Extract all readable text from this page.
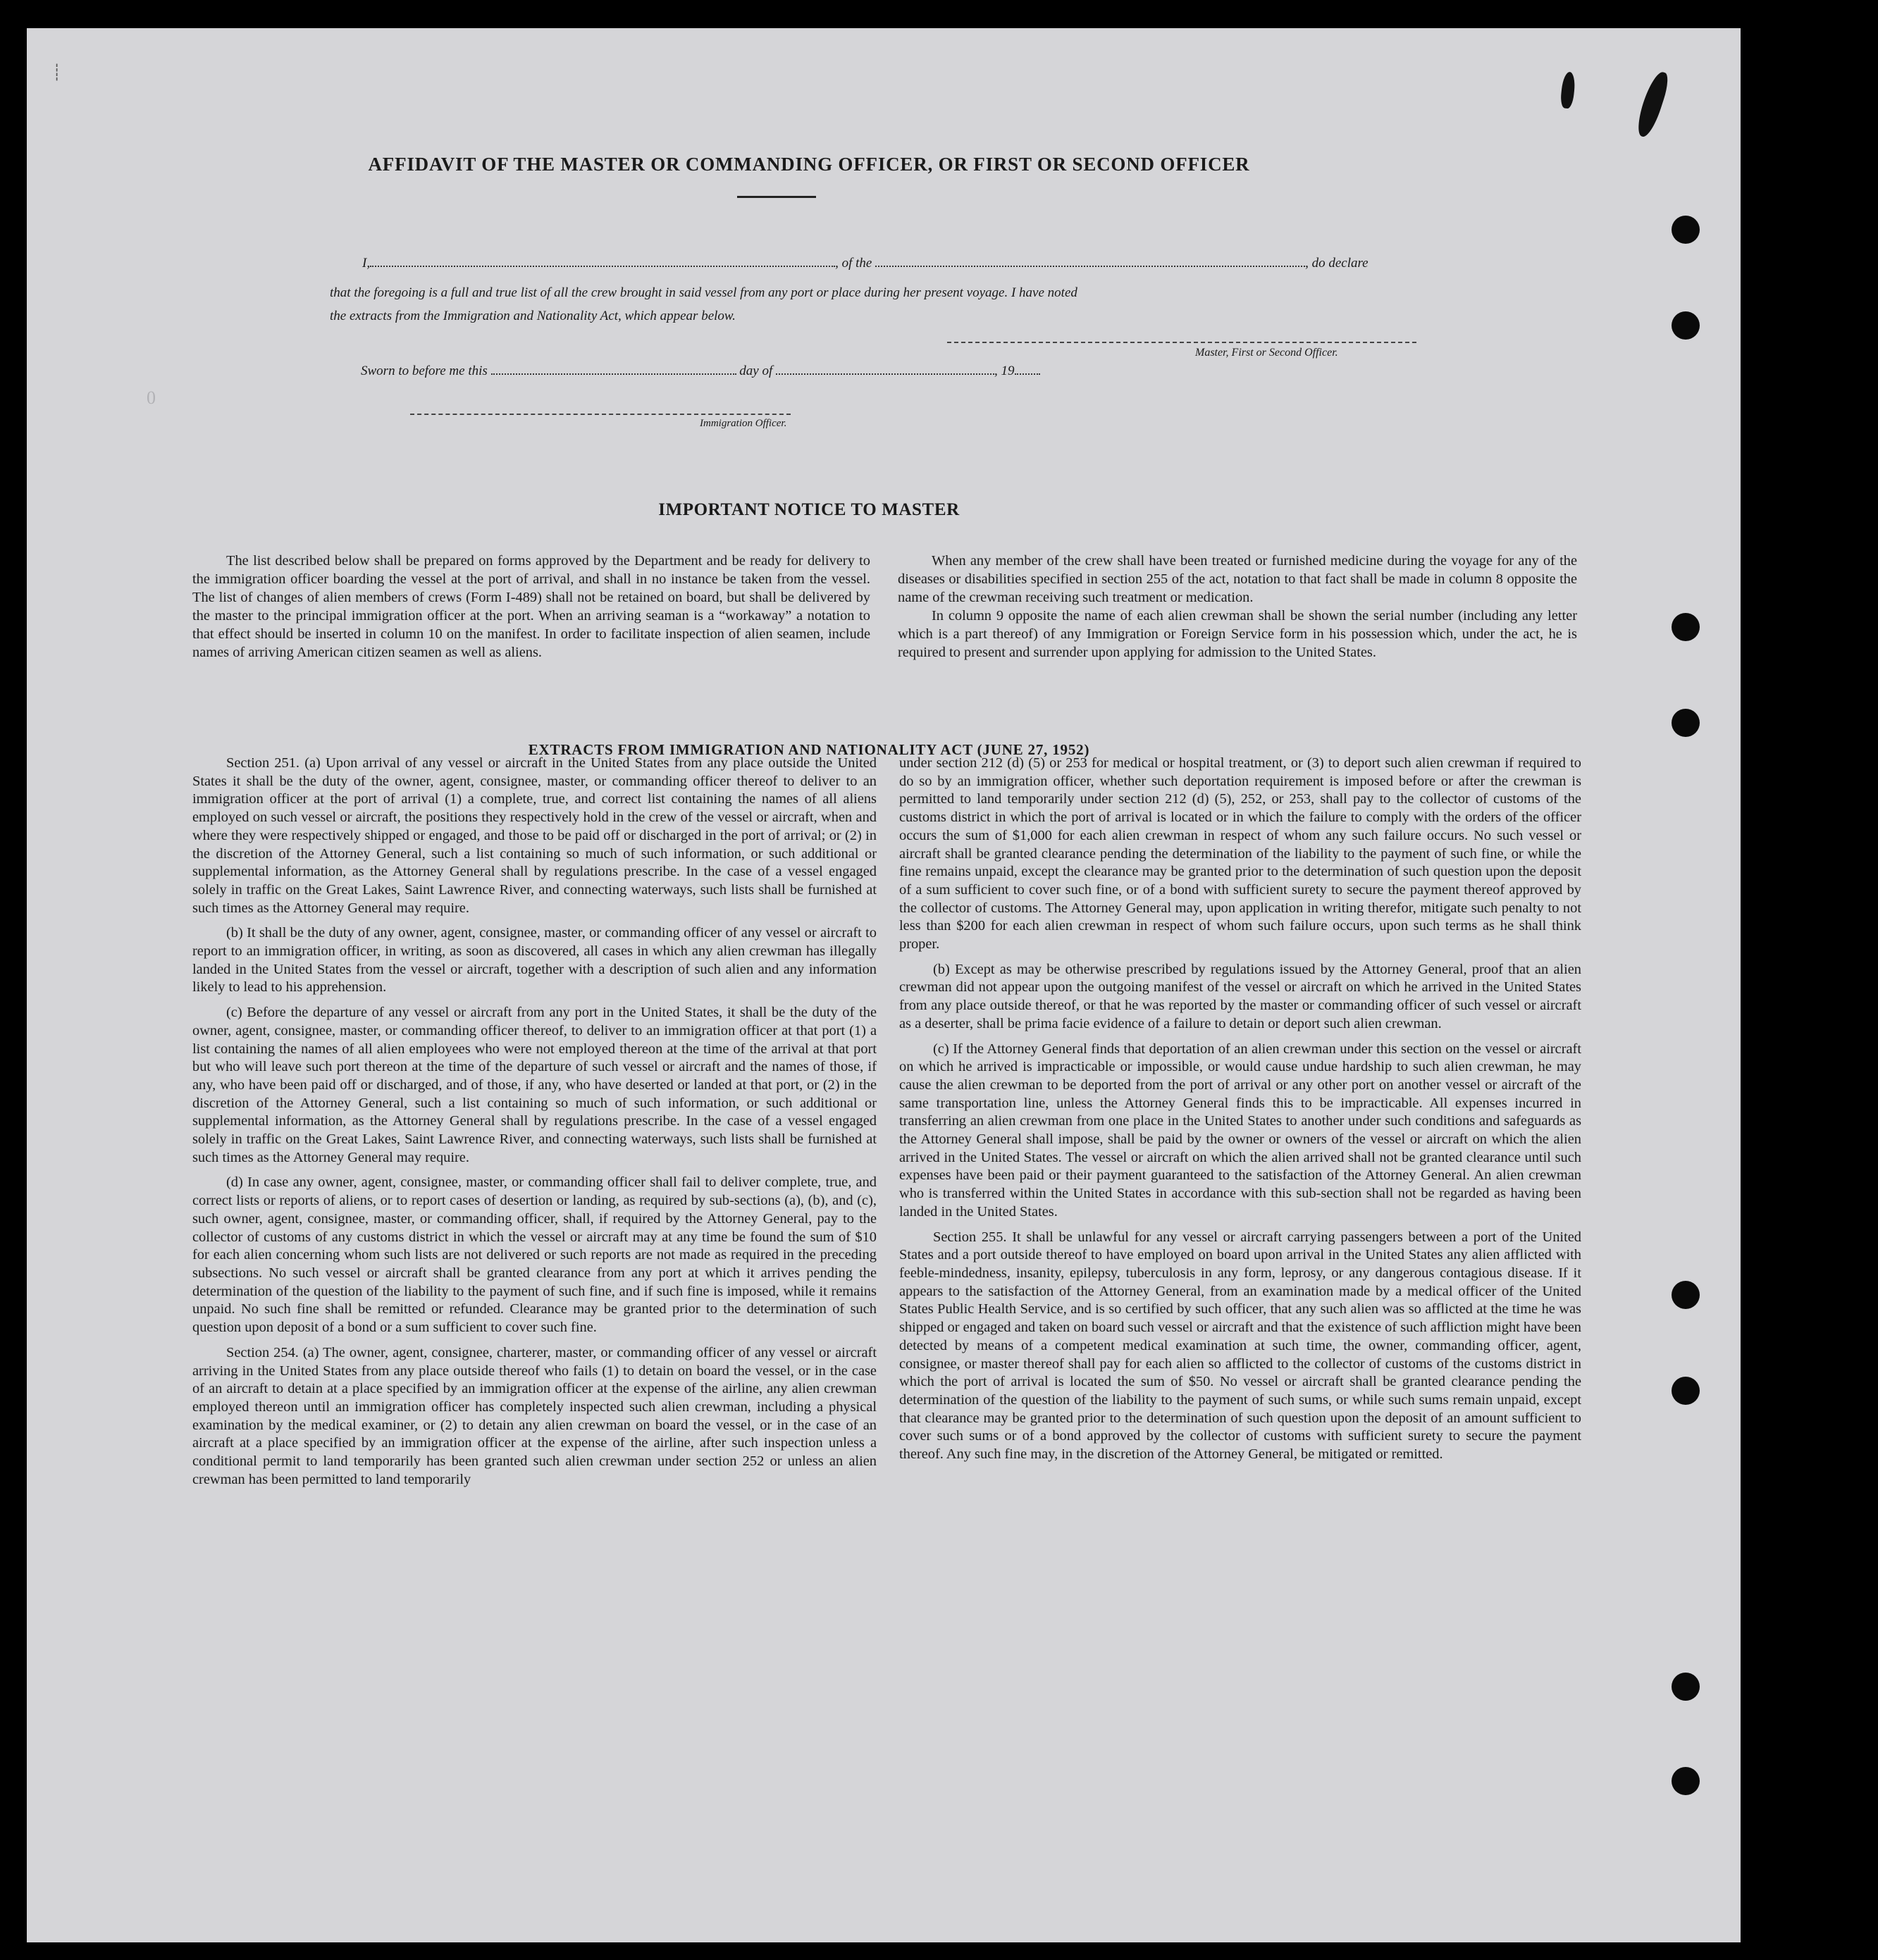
┊
0
AFFIDAVIT OF THE MASTER OR COMMANDING OFFICER, OR FIRST OR SECOND OFFICER
I,	, of the	, do declare
that the foregoing is a full and true list of all the crew brought in said vessel from any port or place during her present voyage. I have noted
the extracts from the Immigration and Nationality Act, which appear below.
Master, First or Second Officer.
Sworn to before me this	day of	, 19
Immigration Officer.
IMPORTANT NOTICE TO MASTER

The list described below shall be prepared on forms approved by the Department and be ready for delivery to the immigration officer boarding the vessel at the port of arrival, and shall in no instance be taken from the vessel. The list of changes of alien members of crews (Form I-489) shall not be retained on board, but shall be delivered by the master to the principal immigration officer at the port. When an arriving seaman is a “workaway” a notation to that effect should be inserted in column 10 on the manifest. In order to facilitate inspection of alien seamen, include names of arriving American citizen seamen as well as aliens.

When any member of the crew shall have been treated or furnished medicine during the voyage for any of the diseases or disabilities specified in section 255 of the act, notation to that fact shall be made in column 8 opposite the name of the crewman receiving such treatment or medication.

In column 9 opposite the name of each alien crewman shall be shown the serial number (including any letter which is a part thereof) of any Immigration or Foreign Service form in his possession which, under the act, he is required to present and surrender upon applying for admission to the United States.

EXTRACTS FROM IMMIGRATION AND NATIONALITY ACT (JUNE 27, 1952)

Section 251. (a) Upon arrival of any vessel or aircraft in the United States from any place outside the United States it shall be the duty of the owner, agent, consignee, master, or commanding officer thereof to deliver to an immigration officer at the port of arrival (1) a complete, true, and correct list containing the names of all aliens employed on such vessel or aircraft, the positions they respectively hold in the crew of the vessel or aircraft, when and where they were respectively shipped or engaged, and those to be paid off or discharged in the port of arrival; or (2) in the discretion of the Attorney General, such a list containing so much of such information, or such additional or supplemental information, as the Attorney General shall by regulations prescribe. In the case of a vessel engaged solely in traffic on the Great Lakes, Saint Lawrence River, and connecting waterways, such lists shall be furnished at such times as the Attorney General may require.

(b) It shall be the duty of any owner, agent, consignee, master, or commanding officer of any vessel or aircraft to report to an immigration officer, in writing, as soon as discovered, all cases in which any alien crewman has illegally landed in the United States from the vessel or aircraft, together with a description of such alien and any information likely to lead to his apprehension.

(c) Before the departure of any vessel or aircraft from any port in the United States, it shall be the duty of the owner, agent, consignee, master, or commanding officer thereof, to deliver to an immigration officer at that port (1) a list containing the names of all alien employees who were not employed thereon at the time of the arrival at that port but who will leave such port thereon at the time of the departure of such vessel or aircraft and the names of those, if any, who have been paid off or discharged, and of those, if any, who have deserted or landed at that port, or (2) in the discretion of the Attorney General, such a list containing so much of such information, or such additional or supplemental information, as the Attorney General shall by regulations prescribe. In the case of a vessel engaged solely in traffic on the Great Lakes, Saint Lawrence River, and connecting waterways, such lists shall be furnished at such times as the Attorney General may require.

(d) In case any owner, agent, consignee, master, or commanding officer shall fail to deliver complete, true, and correct lists or reports of aliens, or to report cases of desertion or landing, as required by sub-sections (a), (b), and (c), such owner, agent, consignee, master, or commanding officer, shall, if required by the Attorney General, pay to the collector of customs of any customs district in which the vessel or aircraft may at any time be found the sum of $10 for each alien concerning whom such lists are not delivered or such reports are not made as required in the preceding subsections. No such vessel or aircraft shall be granted clearance from any port at which it arrives pending the determination of the question of the liability to the payment of such fine, and if such fine is imposed, while it remains unpaid. No such fine shall be remitted or refunded. Clearance may be granted prior to the determination of such question upon deposit of a bond or a sum sufficient to cover such fine.

Section 254. (a) The owner, agent, consignee, charterer, master, or commanding officer of any vessel or aircraft arriving in the United States from any place outside thereof who fails (1) to detain on board the vessel, or in the case of an aircraft to detain at a place specified by an immigration officer at the expense of the airline, any alien crewman employed thereon until an immigration officer has completely inspected such alien crewman, including a physical examination by the medical examiner, or (2) to detain any alien crewman on board the vessel, or in the case of an aircraft at a place specified by an immigration officer at the expense of the airline, after such inspection unless a conditional permit to land temporarily has been granted such alien crewman under section 252 or unless an alien crewman has been permitted to land temporarily

under section 212 (d) (5) or 253 for medical or hospital treatment, or (3) to deport such alien crewman if required to do so by an immigration officer, whether such deportation requirement is imposed before or after the crewman is permitted to land temporarily under section 212 (d) (5), 252, or 253, shall pay to the collector of customs of the customs district in which the port of arrival is located or in which the failure to comply with the orders of the officer occurs the sum of $1,000 for each alien crewman in respect of whom any such failure occurs. No such vessel or aircraft shall be granted clearance pending the determination of the liability to the payment of such fine, or while the fine remains unpaid, except the clearance may be granted prior to the determination of such question upon the deposit of a sum sufficient to cover such fine, or of a bond with sufficient surety to secure the payment thereof approved by the collector of customs. The Attorney General may, upon application in writing therefor, mitigate such penalty to not less than $200 for each alien crewman in respect of whom such failure occurs, upon such terms as he shall think proper.

(b) Except as may be otherwise prescribed by regulations issued by the Attorney General, proof that an alien crewman did not appear upon the outgoing manifest of the vessel or aircraft on which he arrived in the United States from any place outside thereof, or that he was reported by the master or commanding officer of such vessel or aircraft as a deserter, shall be prima facie evidence of a failure to detain or deport such alien crewman.

(c) If the Attorney General finds that deportation of an alien crewman under this section on the vessel or aircraft on which he arrived is impracticable or impossible, or would cause undue hardship to such alien crewman, he may cause the alien crewman to be deported from the port of arrival or any other port on another vessel or aircraft of the same transportation line, unless the Attorney General finds this to be impracticable. All expenses incurred in transferring an alien crewman from one place in the United States to another under such conditions and safeguards as the Attorney General shall impose, shall be paid by the owner or owners of the vessel or aircraft on which the alien arrived in the United States. The vessel or aircraft on which the alien arrived shall not be granted clearance until such expenses have been paid or their payment guaranteed to the satisfaction of the Attorney General. An alien crewman who is transferred within the United States in accordance with this sub-section shall not be regarded as having been landed in the United States.

Section 255. It shall be unlawful for any vessel or aircraft carrying passengers between a port of the United States and a port outside thereof to have employed on board upon arrival in the United States any alien afflicted with feeble-mindedness, insanity, epilepsy, tuberculosis in any form, leprosy, or any dangerous contagious disease. If it appears to the satisfaction of the Attorney General, from an examination made by a medical officer of the United States Public Health Service, and is so certified by such officer, that any such alien was so afflicted at the time he was shipped or engaged and taken on board such vessel or aircraft and that the existence of such affliction might have been detected by means of a competent medical examination at such time, the owner, commanding officer, agent, consignee, or master thereof shall pay for each alien so afflicted to the collector of customs of the customs district in which the port of arrival is located the sum of $50. No vessel or aircraft shall be granted clearance pending the determination of the question of the liability to the payment of such sums, or while such sums remain unpaid, except that clearance may be granted prior to the determination of such question upon the deposit of an amount sufficient to cover such sums or of a bond approved by the collector of customs with sufficient surety to secure the payment thereof. Any such fine may, in the discretion of the Attorney General, be mitigated or remitted.
